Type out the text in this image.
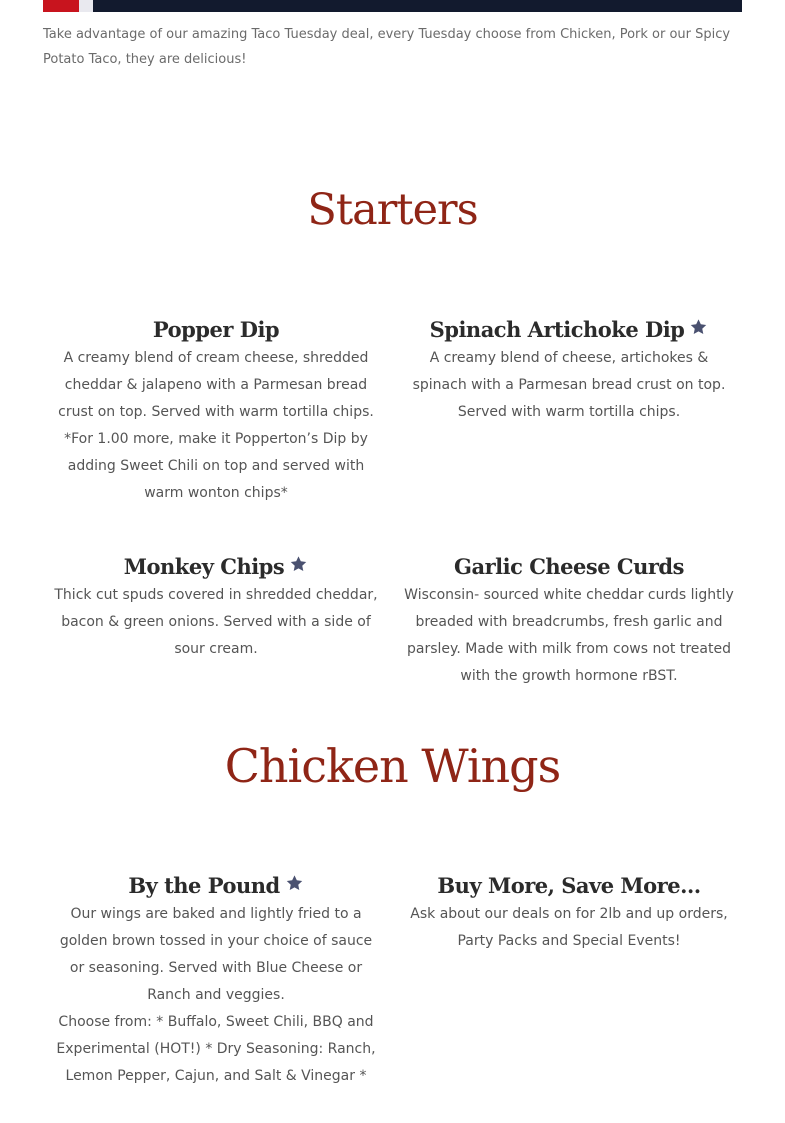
Take advantage of our amazing Taco Tuesday deal, every Tuesday choose from Chicken, Pork or our Spicy Potato Taco, they are delicious!

Starters
Popper Dip

A creamy blend of cream cheese, shredded cheddar & jalapeno with a Parmesan bread crust on top. Served with warm tortilla chips. *For 1.00 more, make it Popperton’s Dip by adding Sweet Chili on top and served with warm wonton chips*

Spinach Artichoke Dip

A creamy blend of cheese, artichokes & spinach with a Parmesan bread crust on top. Served with warm tortilla chips.

Monkey Chips

Thick cut spuds covered in shredded cheddar, bacon & green onions. Served with a side of sour cream.

Garlic Cheese Curds

Wisconsin- sourced white cheddar curds lightly breaded with breadcrumbs, fresh garlic and parsley. Made with milk from cows not treated with the growth hormone rBST.

Chicken Wings
By the Pound

Our wings are baked and lightly fried to a golden brown tossed in your choice of sauce or seasoning. Served with Blue Cheese or Ranch and veggies.

Choose from: * Buffalo, Sweet Chili, BBQ and Experimental (HOT!) * Dry Seasoning: Ranch, Lemon Pepper, Cajun, and Salt & Vinegar *

Buy More, Save More…

Ask about our deals on for 2lb and up orders, Party Packs and Special Events!
